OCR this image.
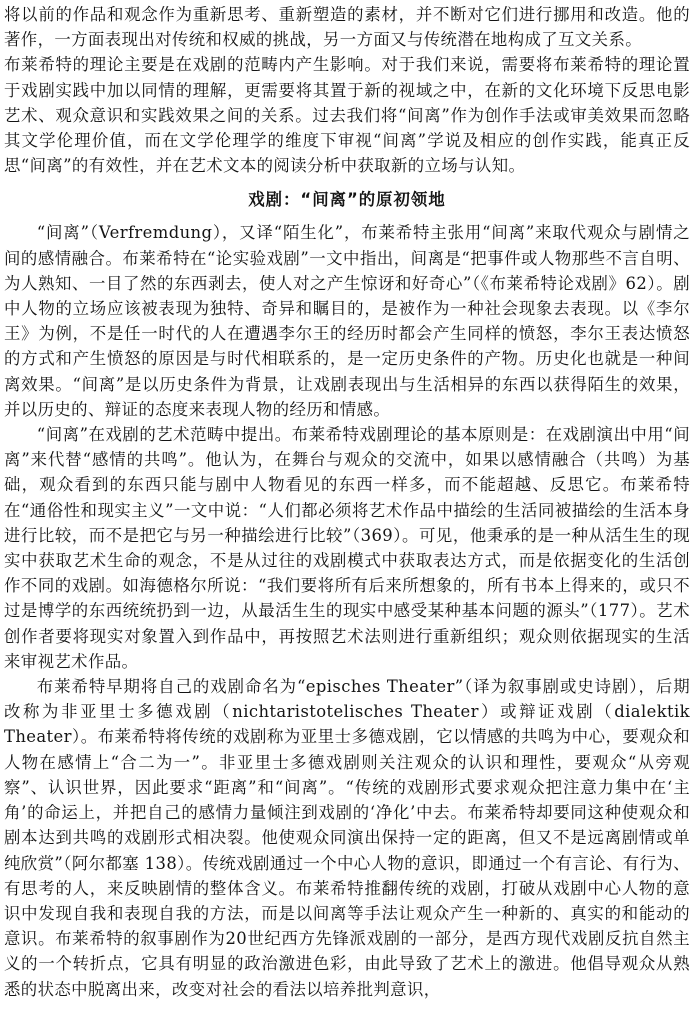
将以前的作品和观念作为重新思考、重新塑造的素材，并不断对它们进行挪用和改造。他的著作，一方面表现出对传统和权威的挑战，另一方面又与传统潜在地构成了互文关系。

布莱希特的理论主要是在戏剧的范畴内产生影响。对于我们来说，需要将布莱希特的理论置于戏剧实践中加以同情的理解，更需要将其置于新的视域之中，在新的文化环境下反思电影艺术、观众意识和实践效果之间的关系。过去我们将“间离”作为创作手法或审美效果而忽略其文学伦理价值，而在文学伦理学的维度下审视“间离”学说及相应的创作实践，能真正反思“间离”的有效性，并在艺术文本的阅读分析中获取新的立场与认知。

戏剧：“间离”的原初领地

“间离”（Verfremdung），又译“陌生化”，布莱希特主张用“间离”来取代观众与剧情之间的感情融合。布莱希特在“论实验戏剧”一文中指出，间离是“把事件或人物那些不言自明、为人熟知、一目了然的东西剥去，使人对之产生惊讶和好奇心”（《布莱希特论戏剧》62）。剧中人物的立场应该被表现为独特、奇异和瞩目的，是被作为一种社会现象去表现。以《李尔王》为例，不是任一时代的人在遭遇李尔王的经历时都会产生同样的愤怒，李尔王表达愤怒的方式和产生愤怒的原因是与时代相联系的，是一定历史条件的产物。历史化也就是一种间离效果。“间离”是以历史条件为背景，让戏剧表现出与生活相异的东西以获得陌生的效果，并以历史的、辩证的态度来表现人物的经历和情感。

“间离”在戏剧的艺术范畴中提出。布莱希特戏剧理论的基本原则是：在戏剧演出中用“间离”来代替“感情的共鸣”。他认为，在舞台与观众的交流中，如果以感情融合（共鸣）为基础，观众看到的东西只能与剧中人物看见的东西一样多，而不能超越、反思它。布莱希特在“通俗性和现实主义”一文中说：“人们都必须将艺术作品中描绘的生活同被描绘的生活本身进行比较，而不是把它与另一种描绘进行比较”（369）。可见，他秉承的是一种从活生生的现实中获取艺术生命的观念，不是从过往的戏剧模式中获取表达方式，而是依据变化的生活创作不同的戏剧。如海德格尔所说：“我们要将所有后来所想象的，所有书本上得来的，或只不过是博学的东西统统扔到一边，从最活生生的现实中感受某种基本问题的源头”（177）。艺术创作者要将现实对象置入到作品中，再按照艺术法则进行重新组织；观众则依据现实的生活来审视艺术作品。

布莱希特早期将自己的戏剧命名为“episches Theater”（译为叙事剧或史诗剧），后期改称为非亚里士多德戏剧（nichtaristotelisches Theater）或辩证戏剧（dialektik Theater）。布莱希特将传统的戏剧称为亚里士多德戏剧，它以情感的共鸣为中心，要观众和人物在感情上“合二为一”。非亚里士多德戏剧则关注观众的认识和理性，要观众“从旁观察”、认识世界，因此要求“距离”和“间离”。“传统的戏剧形式要求观众把注意力集中在‘主角’的命运上，并把自己的感情力量倾注到戏剧的‘净化’中去。布莱希特却要同这种使观众和剧本达到共鸣的戏剧形式相决裂。他使观众同演出保持一定的距离，但又不是远离剧情或单纯欣赏”（阿尔都塞 138）。传统戏剧通过一个中心人物的意识，即通过一个有言论、有行为、有思考的人，来反映剧情的整体含义。布莱希特推翻传统的戏剧，打破从戏剧中心人物的意识中发现自我和表现自我的方法，而是以间离等手法让观众产生一种新的、真实的和能动的意识。布莱希特的叙事剧作为20世纪西方先锋派戏剧的一部分，是西方现代戏剧反抗自然主义的一个转折点，它具有明显的政治激进色彩，由此导致了艺术上的激进。他倡导观众从熟悉的状态中脱离出来，改变对社会的看法以培养批判意识，
